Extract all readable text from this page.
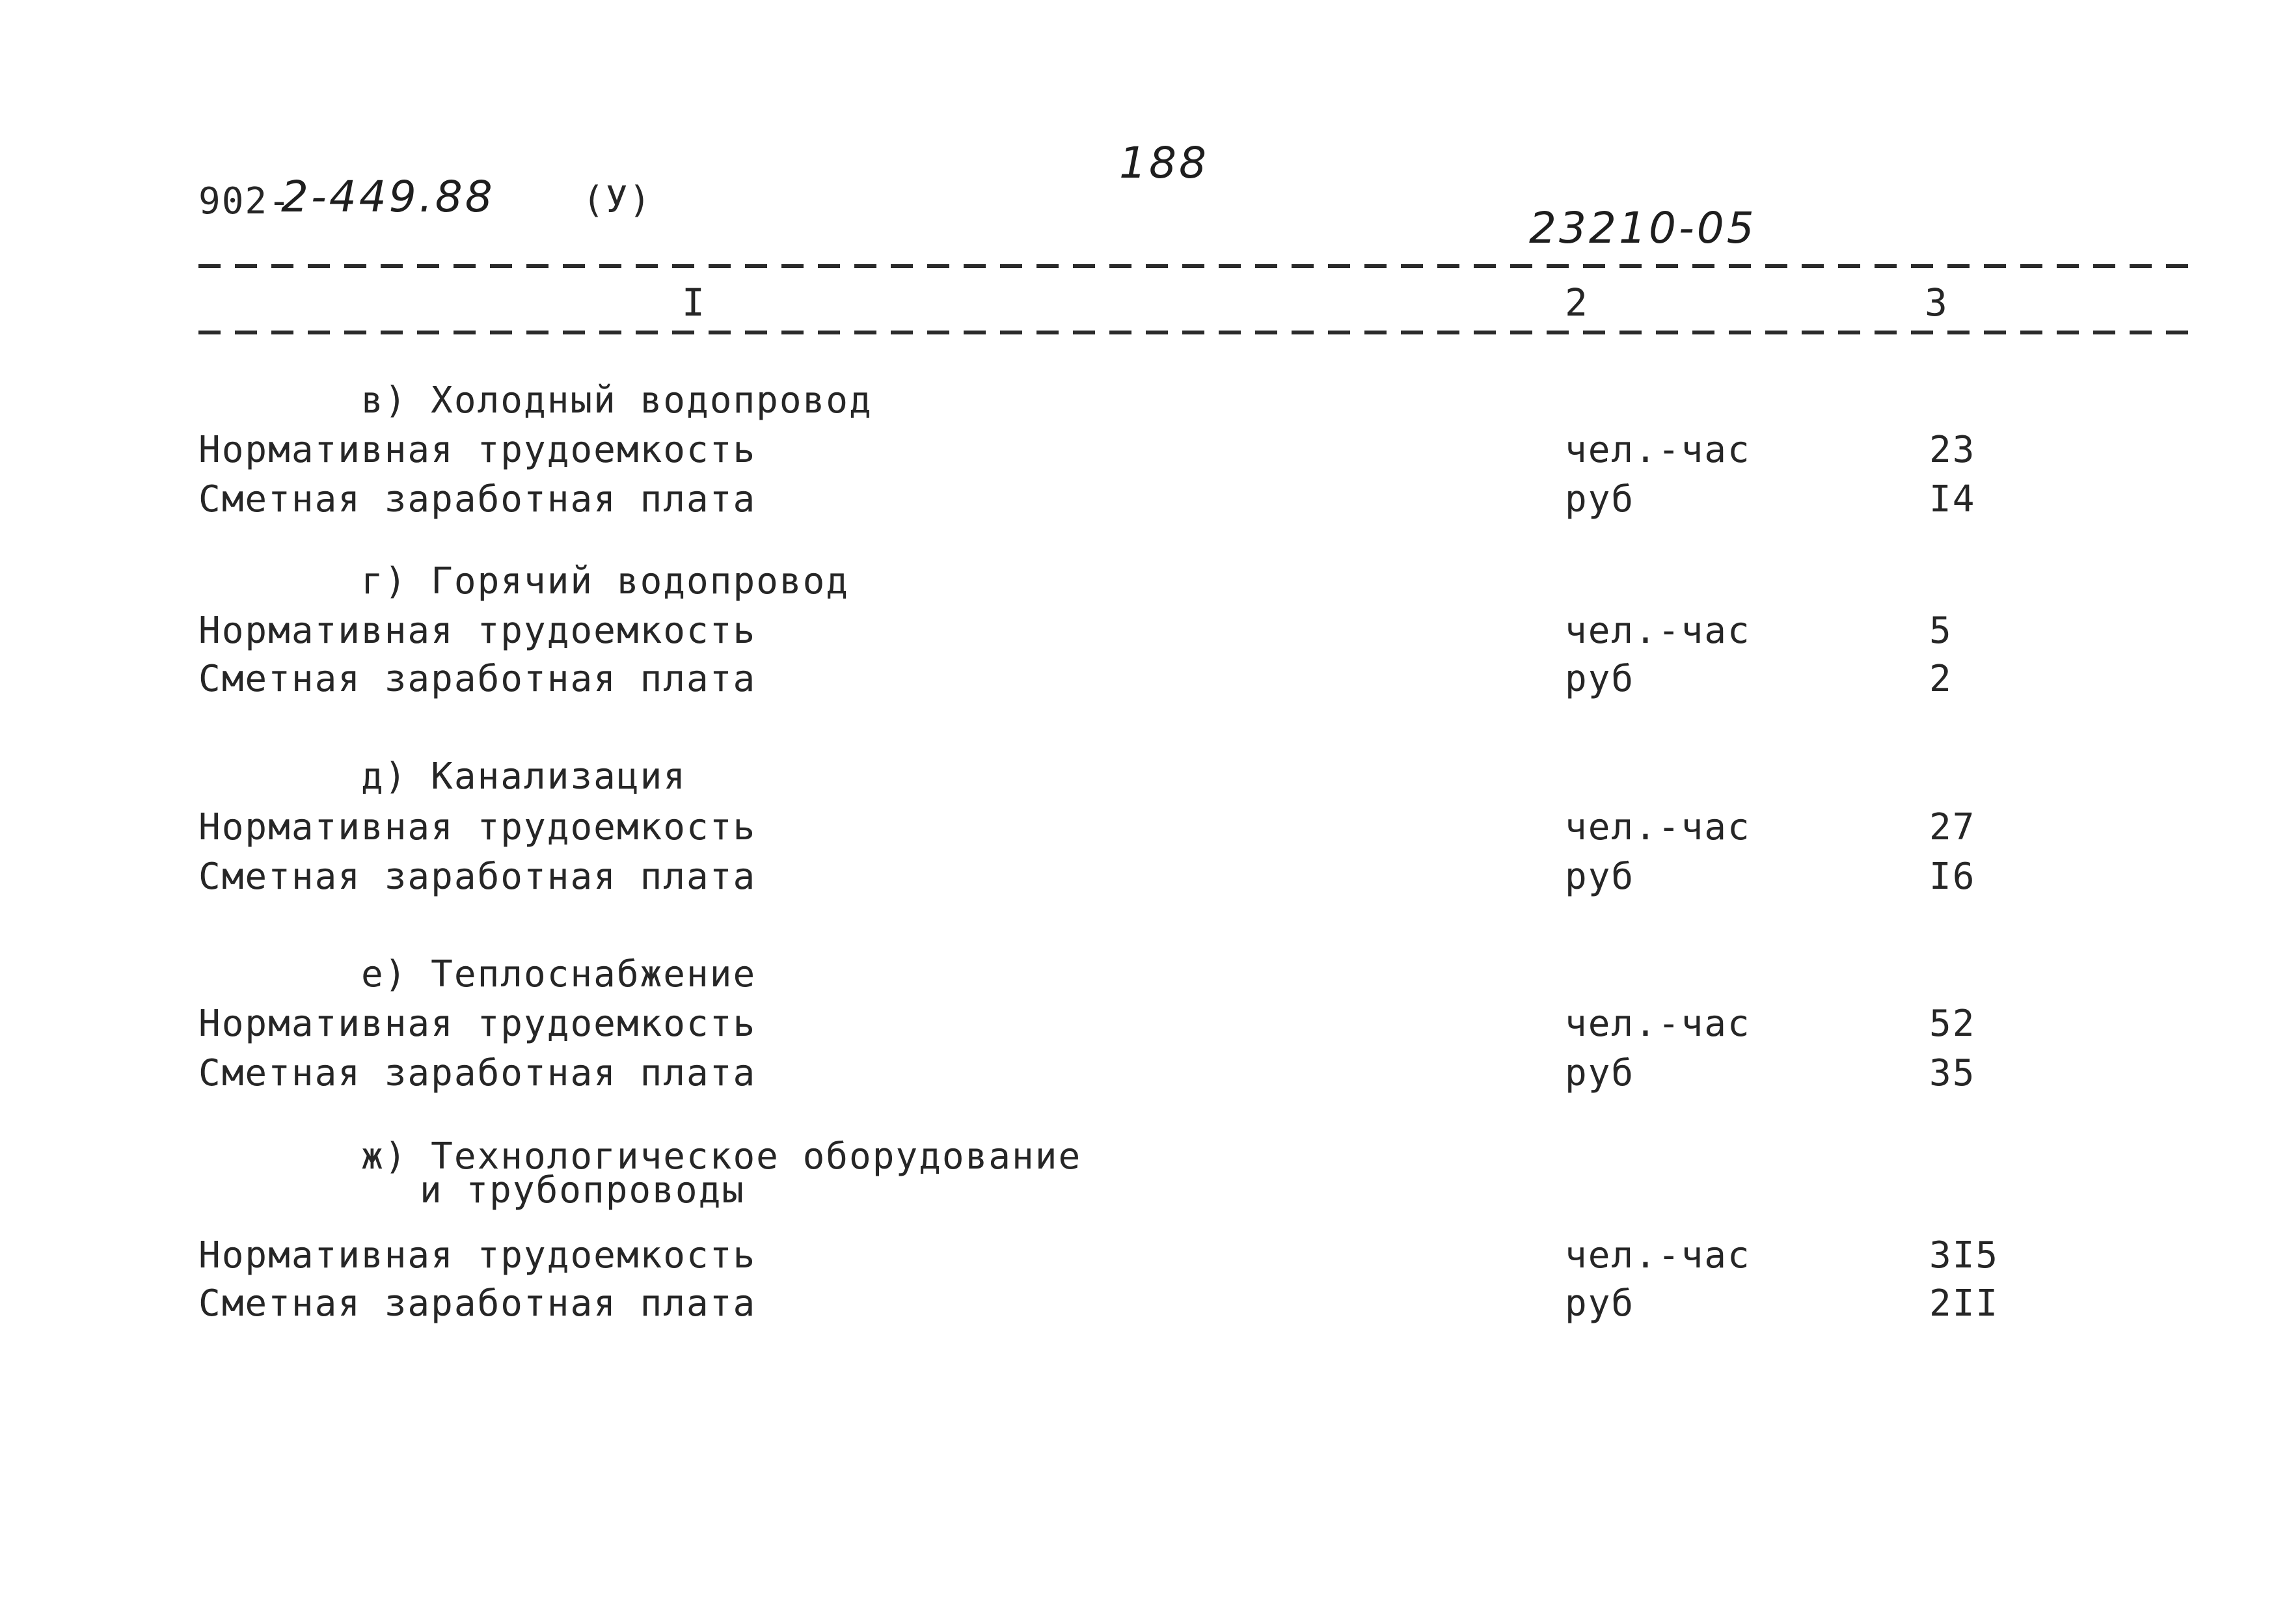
902-
2-449.88 (У)
188
23210-05
I	2	3
в) Холодный водопровод
Нормативная трудоемкость	чел.-час	23
Сметная заработная плата	руб	I4
г) Горячий водопровод
Нормативная трудоемкость	чел.-час	5
Сметная заработная плата	руб	2
д) Канализация
Нормативная трудоемкость	чел.-час	27
Сметная заработная плата	руб	I6
е) Теплоснабжение
Нормативная трудоемкость	чел.-час	52
Сметная заработная плата	руб	35
ж) Технологическое оборудование
и трубопроводы
Нормативная трудоемкость	чел.-час	3I5
Сметная заработная плата	руб	2II
